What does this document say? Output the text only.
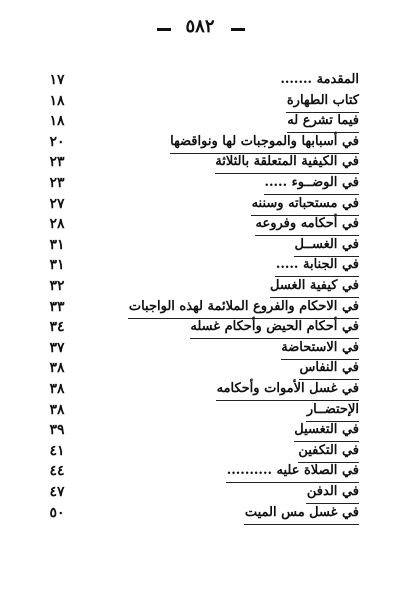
٥٨٢
المقدمة .......
١٧
كتاب الطهارة
١٨
فيما تشرع له
١٨
في أسبابها والموجبات لها ونواقضها
٢٠
في الكيفية المتعلقة بالثلاثة
٢٣
في الوضــوء .....
٢٣
في مستحباته وسننه
٢٧
في أحكامه وفروعه
٢٨
في الغســل
٣١
في الجنابة .....
٣١
في كيفية الغسل
٣٢
في الاحكام والفروع الملائمة لهذه الواجبات
٣٣
في أحكام الحيض وأحكام غسله
٣٤
في الاستحاضة
٣٧
في النفاس
٣٨
في غسل الأموات وأحكامه
٣٨
الإحتضــار
٣٨
في التغسيل
٣٩
في التكفين
٤١
في الصلاة عليه ..........
٤٤
في الدفن
٤٧
في غسل مس الميت
٥٠
